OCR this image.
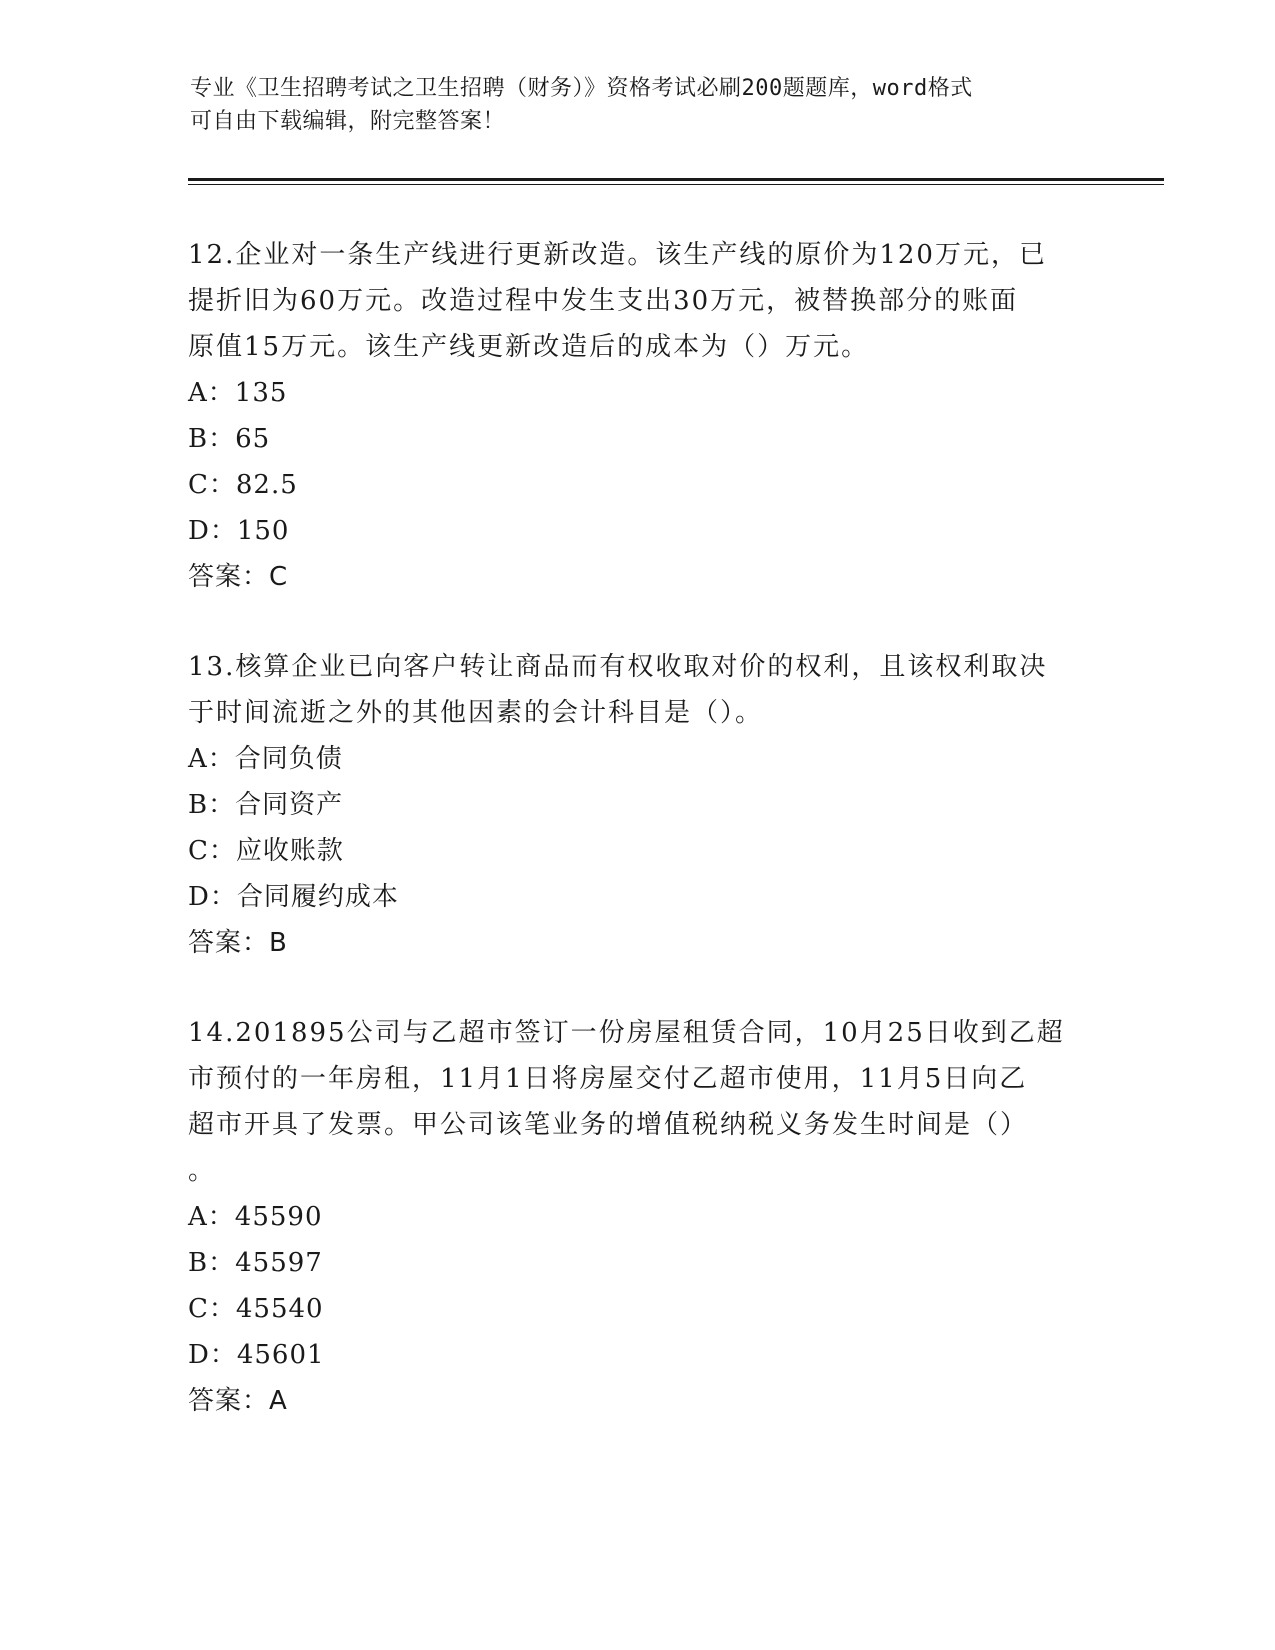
专业《卫生招聘考试之卫生招聘（财务）》资格考试必刷200题题库，word格式
可自由下载编辑，附完整答案！
12.企业对一条生产线进行更新改造。该生产线的原价为120万元，已
提折旧为60万元。改造过程中发生支出30万元，被替换部分的账面
原值15万元。该生产线更新改造后的成本为（）万元。
A：135
B：65
C：82.5
D：150
答案：C
13.核算企业已向客户转让商品而有权收取对价的权利，且该权利取决
于时间流逝之外的其他因素的会计科目是（）。
A：合同负债
B：合同资产
C：应收账款
D：合同履约成本
答案：B
14.201895公司与乙超市签订一份房屋租赁合同，10月25日收到乙超
市预付的一年房租，11月1日将房屋交付乙超市使用，11月5日向乙
超市开具了发票。甲公司该笔业务的增值税纳税义务发生时间是（）
。
A：45590
B：45597
C：45540
D：45601
答案：A
